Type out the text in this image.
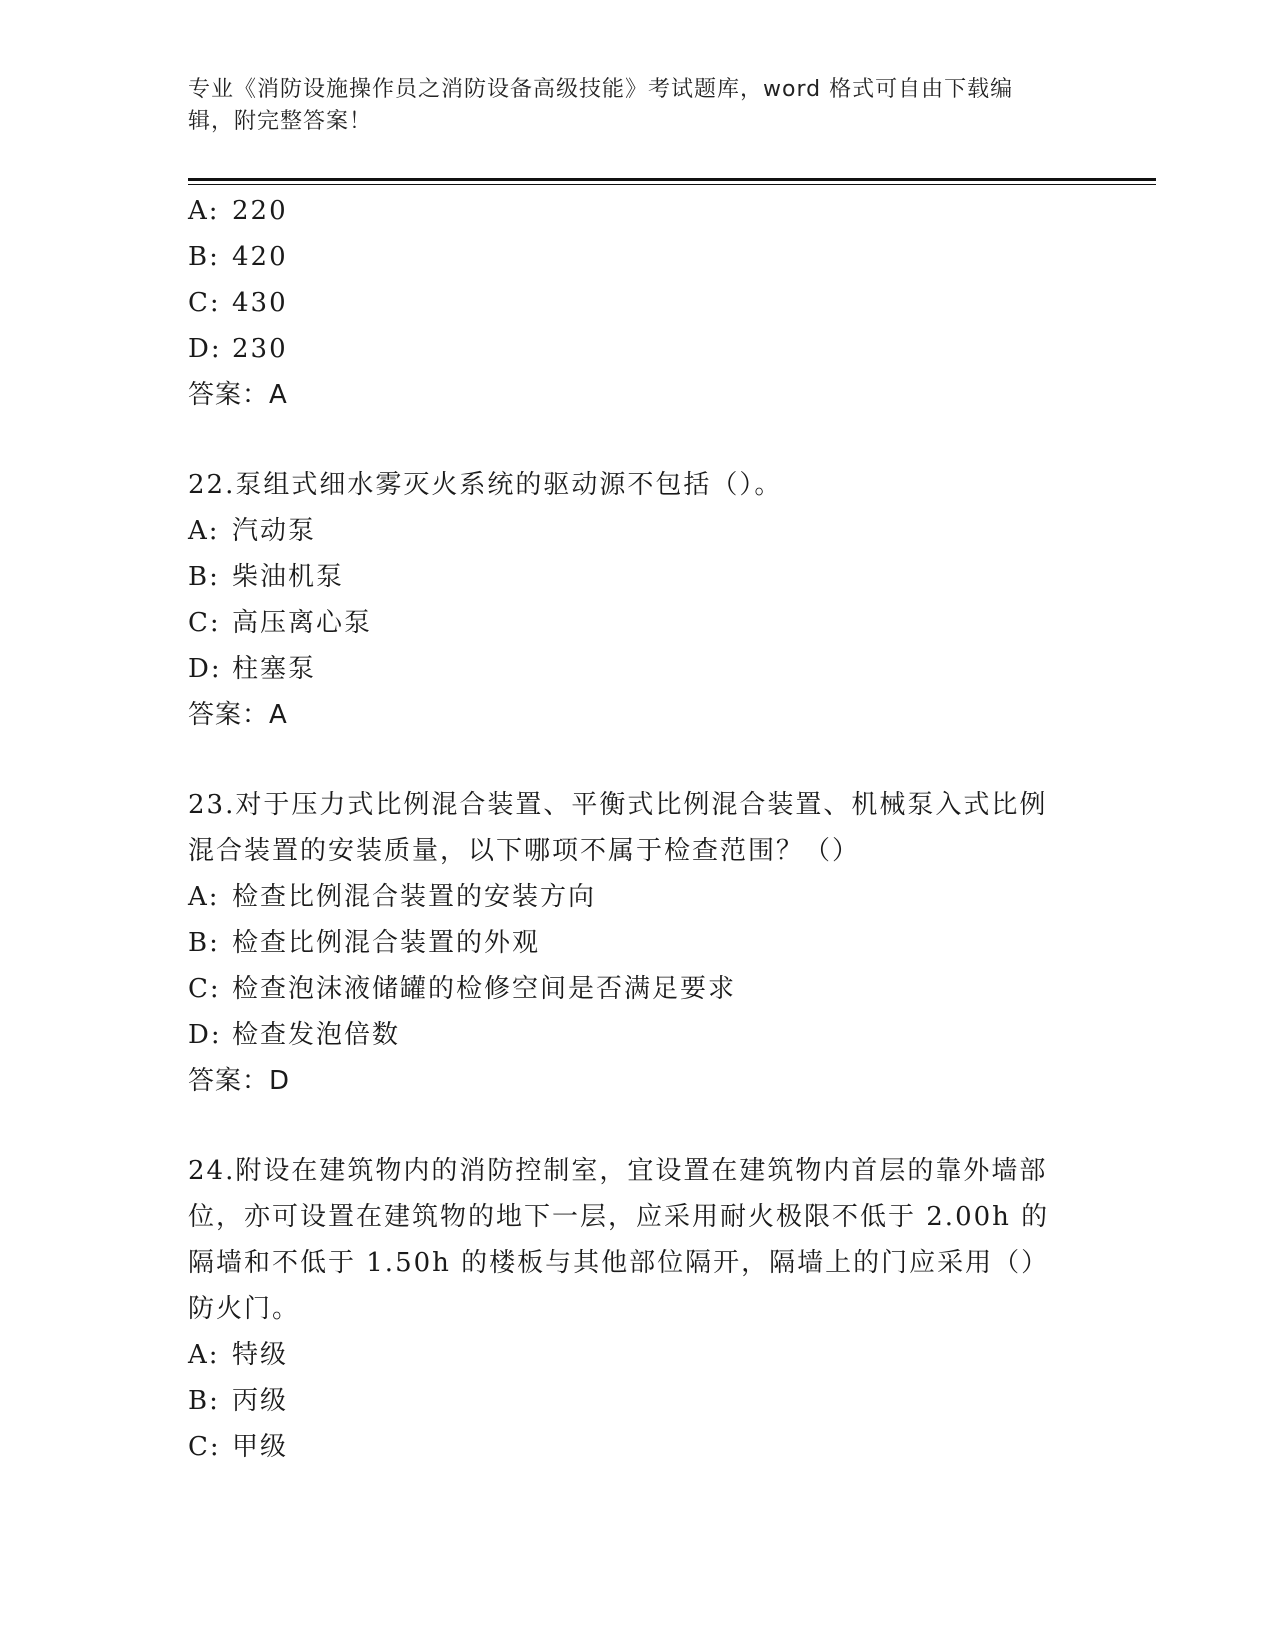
专业《消防设施操作员之消防设备高级技能》考试题库，word 格式可自由下载编
辑，附完整答案！
A: 220
B: 420
C: 430
D: 230
答案：A
22.泵组式细水雾灭火系统的驱动源不包括（）。
A: 汽动泵
B: 柴油机泵
C: 高压离心泵
D: 柱塞泵
答案：A
23.对于压力式比例混合装置、平衡式比例混合装置、机械泵入式比例
混合装置的安装质量，以下哪项不属于检查范围？（）
A: 检查比例混合装置的安装方向
B: 检查比例混合装置的外观
C: 检查泡沫液储罐的检修空间是否满足要求
D: 检查发泡倍数
答案：D
24.附设在建筑物内的消防控制室，宜设置在建筑物内首层的靠外墙部
位，亦可设置在建筑物的地下一层，应采用耐火极限不低于 2.00h 的
隔墙和不低于 1.50h 的楼板与其他部位隔开，隔墙上的门应采用（）
防火门。
A: 特级
B: 丙级
C: 甲级
